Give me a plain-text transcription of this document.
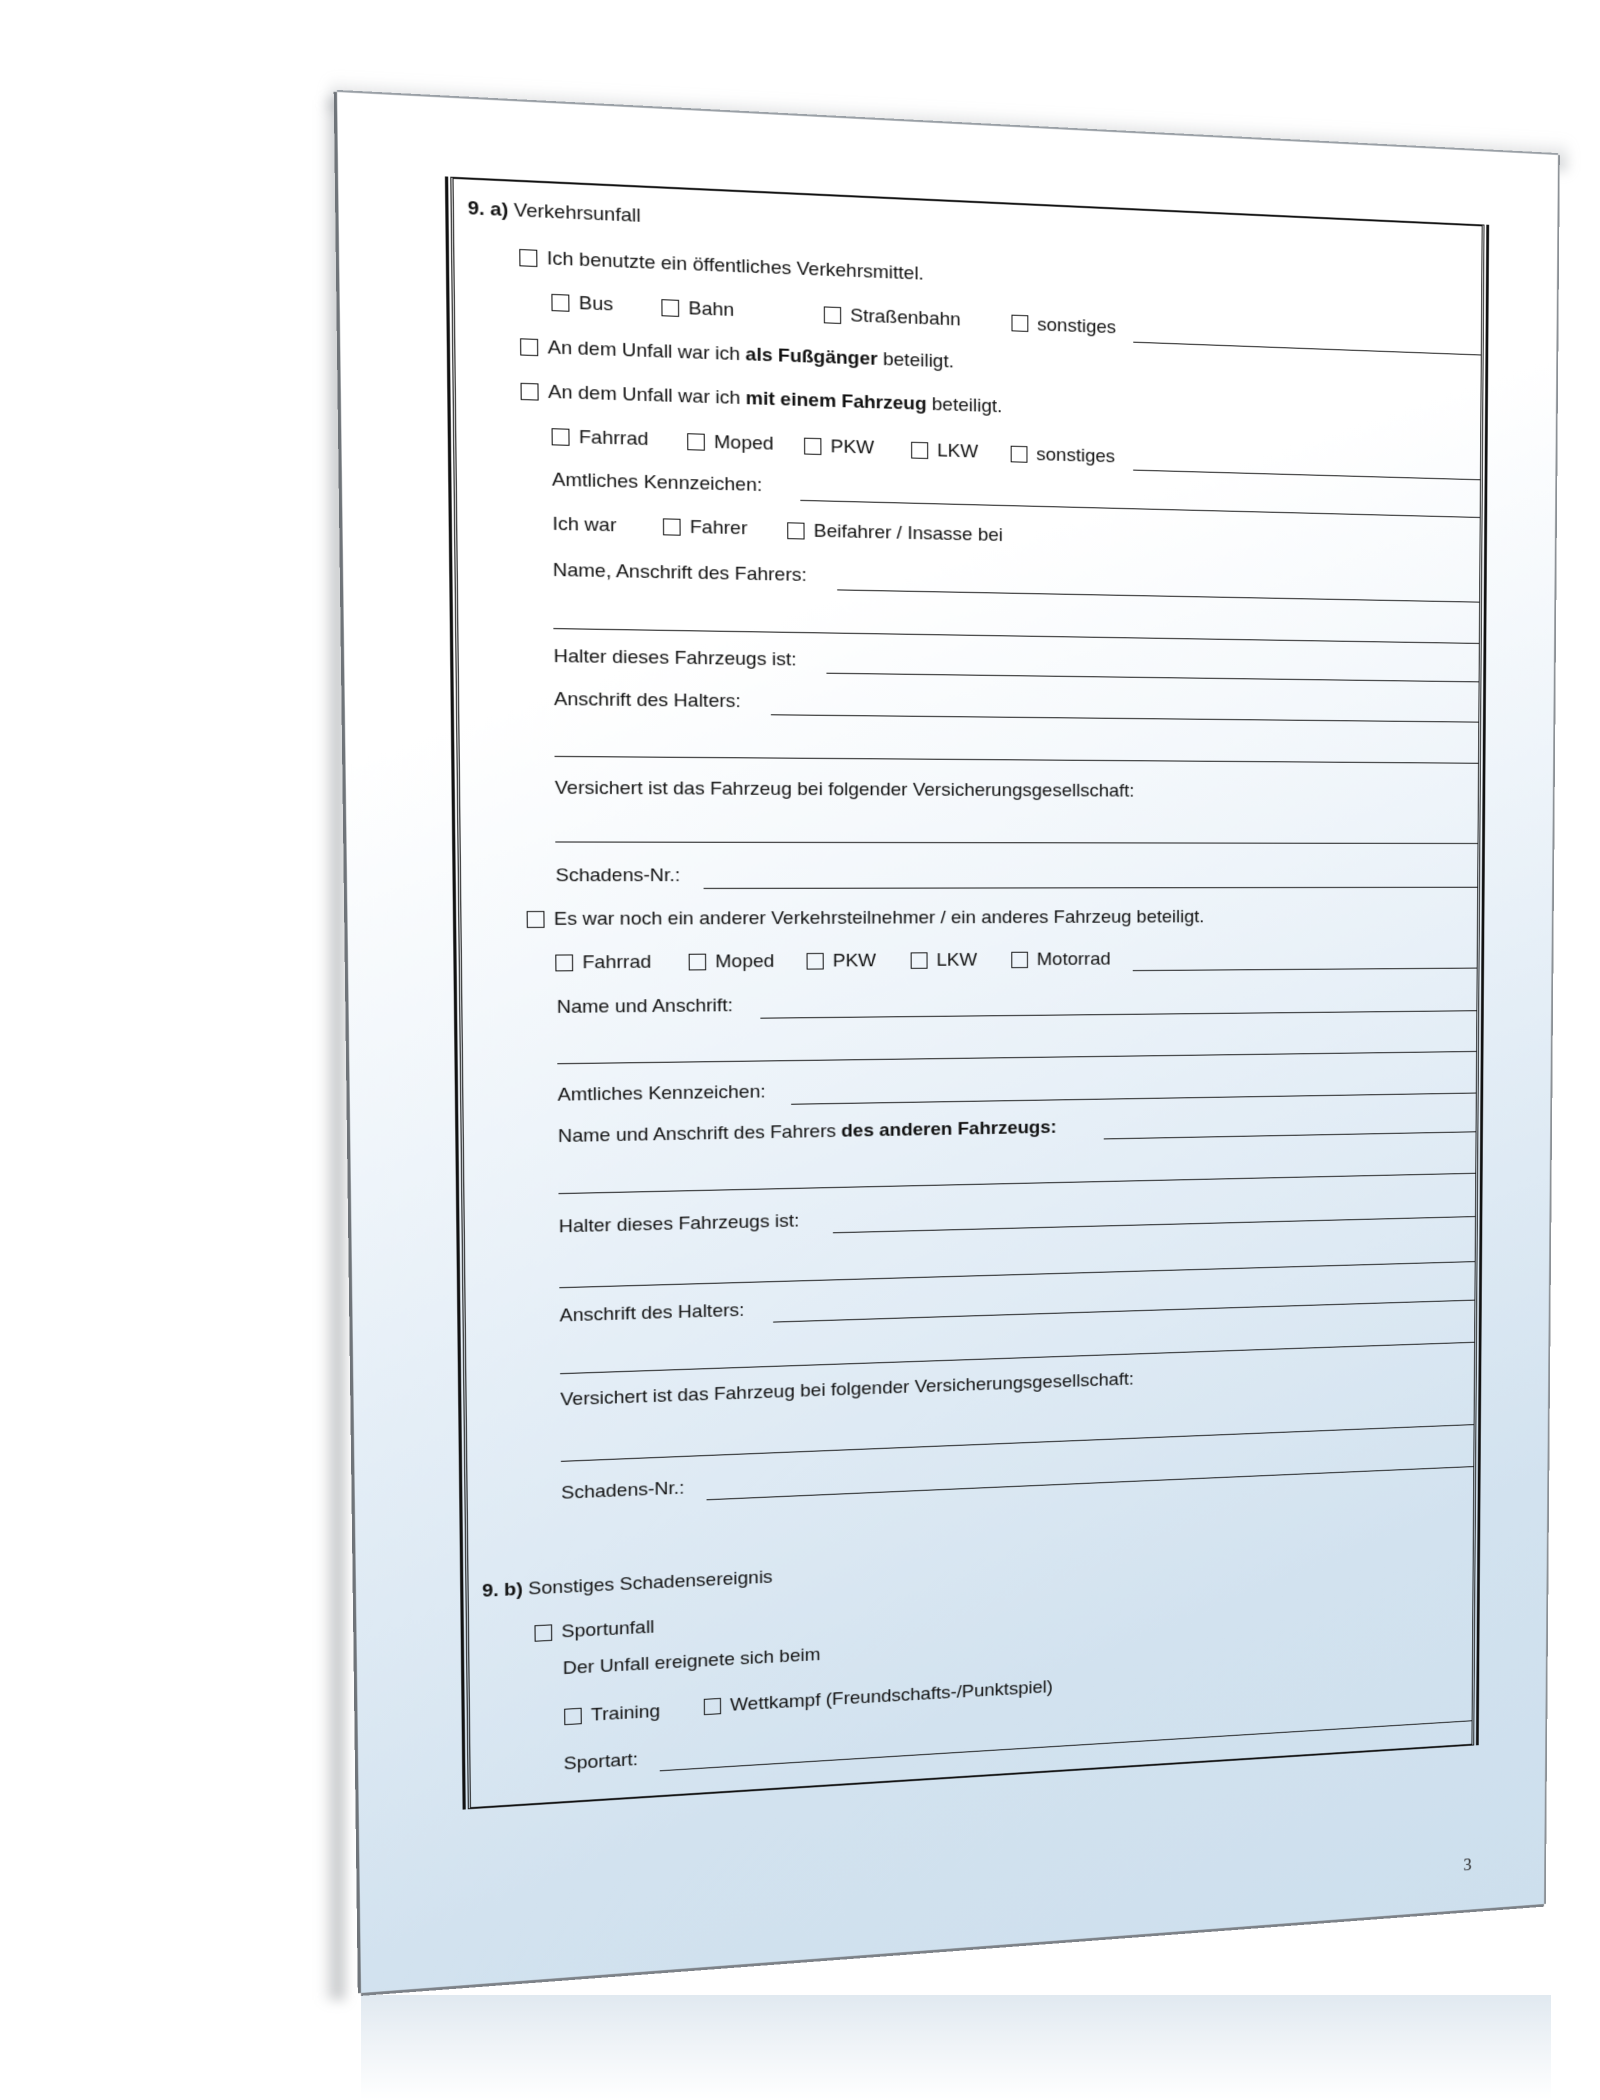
9. a) Verkehrsunfall
Ich benutzte ein öffentliches Verkehrsmittel.
Bus	Bahn	Straßenbahn	sonstiges
An dem Unfall war ich als Fußgänger beteiligt.
An dem Unfall war ich mit einem Fahrzeug beteiligt.
Fahrrad	Moped	PKW	LKW	sonstiges
Amtliches Kennzeichen:
Ich war	Fahrer	Beifahrer / Insasse bei
Name, Anschrift des Fahrers:
Halter dieses Fahrzeugs ist:
Anschrift des Halters:
Versichert ist das Fahrzeug bei folgender Versicherungsgesellschaft:
Schadens-Nr.:
Es war noch ein anderer Verkehrsteilnehmer / ein anderes Fahrzeug beteiligt.
Fahrrad	Moped	PKW	LKW	Motorrad
Name und Anschrift:
Amtliches Kennzeichen:
Name und Anschrift des Fahrers des anderen Fahrzeugs:
Halter dieses Fahrzeugs ist:
Anschrift des Halters:
Versichert ist das Fahrzeug bei folgender Versicherungsgesellschaft:
Schadens-Nr.:
9. b) Sonstiges Schadensereignis
Sportunfall
Der Unfall ereignete sich beim
Training	Wettkampf (Freundschafts-/Punktspiel)
Sportart:
3
